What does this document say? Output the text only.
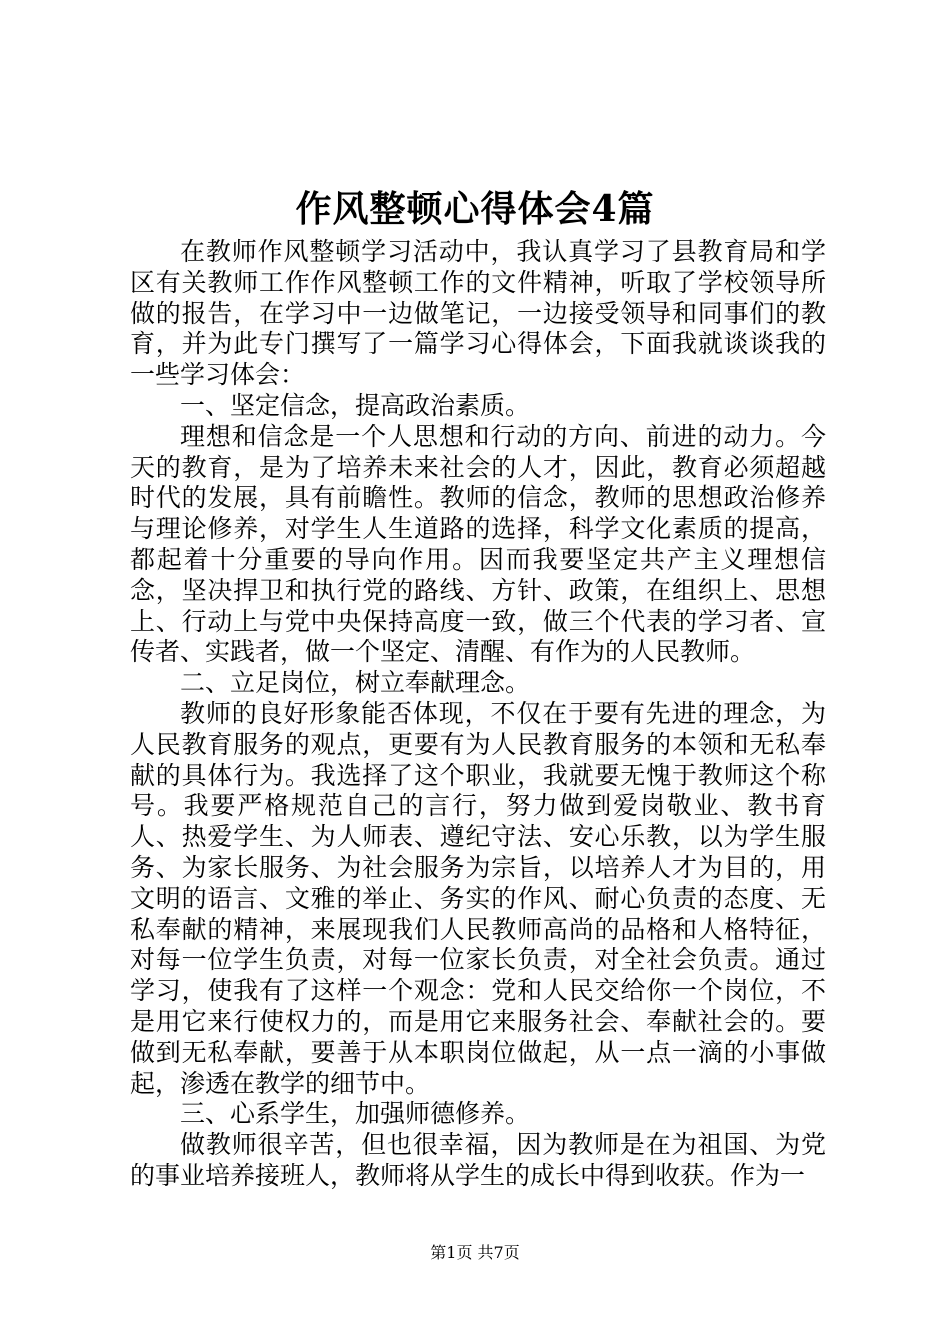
作风整顿心得体会4篇

在教师作风整顿学习活动中，我认真学习了县教育局和学区有关教师工作作风整顿工作的文件精神，听取了学校领导所做的报告，在学习中一边做笔记，一边接受领导和同事们的教育，并为此专门撰写了一篇学习心得体会，下面我就谈谈我的一些学习体会：

一、坚定信念，提高政治素质。

理想和信念是一个人思想和行动的方向、前进的动力。今天的教育，是为了培养未来社会的人才，因此，教育必须超越时代的发展，具有前瞻性。教师的信念，教师的思想政治修养与理论修养，对学生人生道路的选择，科学文化素质的提高，都起着十分重要的导向作用。因而我要坚定共产主义理想信念，坚决捍卫和执行党的路线、方针、政策，在组织上、思想上、行动上与党中央保持高度一致，做三个代表的学习者、宣传者、实践者，做一个坚定、清醒、有作为的人民教师。

二、立足岗位，树立奉献理念。

教师的良好形象能否体现，不仅在于要有先进的理念，为人民教育服务的观点，更要有为人民教育服务的本领和无私奉献的具体行为。我选择了这个职业，我就要无愧于教师这个称号。我要严格规范自己的言行，努力做到爱岗敬业、教书育人、热爱学生、为人师表、遵纪守法、安心乐教，以为学生服务、为家长服务、为社会服务为宗旨，以培养人才为目的，用文明的语言、文雅的举止、务实的作风、耐心负责的态度、无私奉献的精神，来展现我们人民教师高尚的品格和人格特征，对每一位学生负责，对每一位家长负责，对全社会负责。通过学习，使我有了这样一个观念：党和人民交给你一个岗位，不是用它来行使权力的，而是用它来服务社会、奉献社会的。要做到无私奉献，要善于从本职岗位做起，从一点一滴的小事做起，渗透在教学的细节中。

三、心系学生，加强师德修养。

做教师很辛苦，但也很幸福，因为教师是在为祖国、为党的事业培养接班人，教师将从学生的成长中得到收获。作为一

第1页 共7页
